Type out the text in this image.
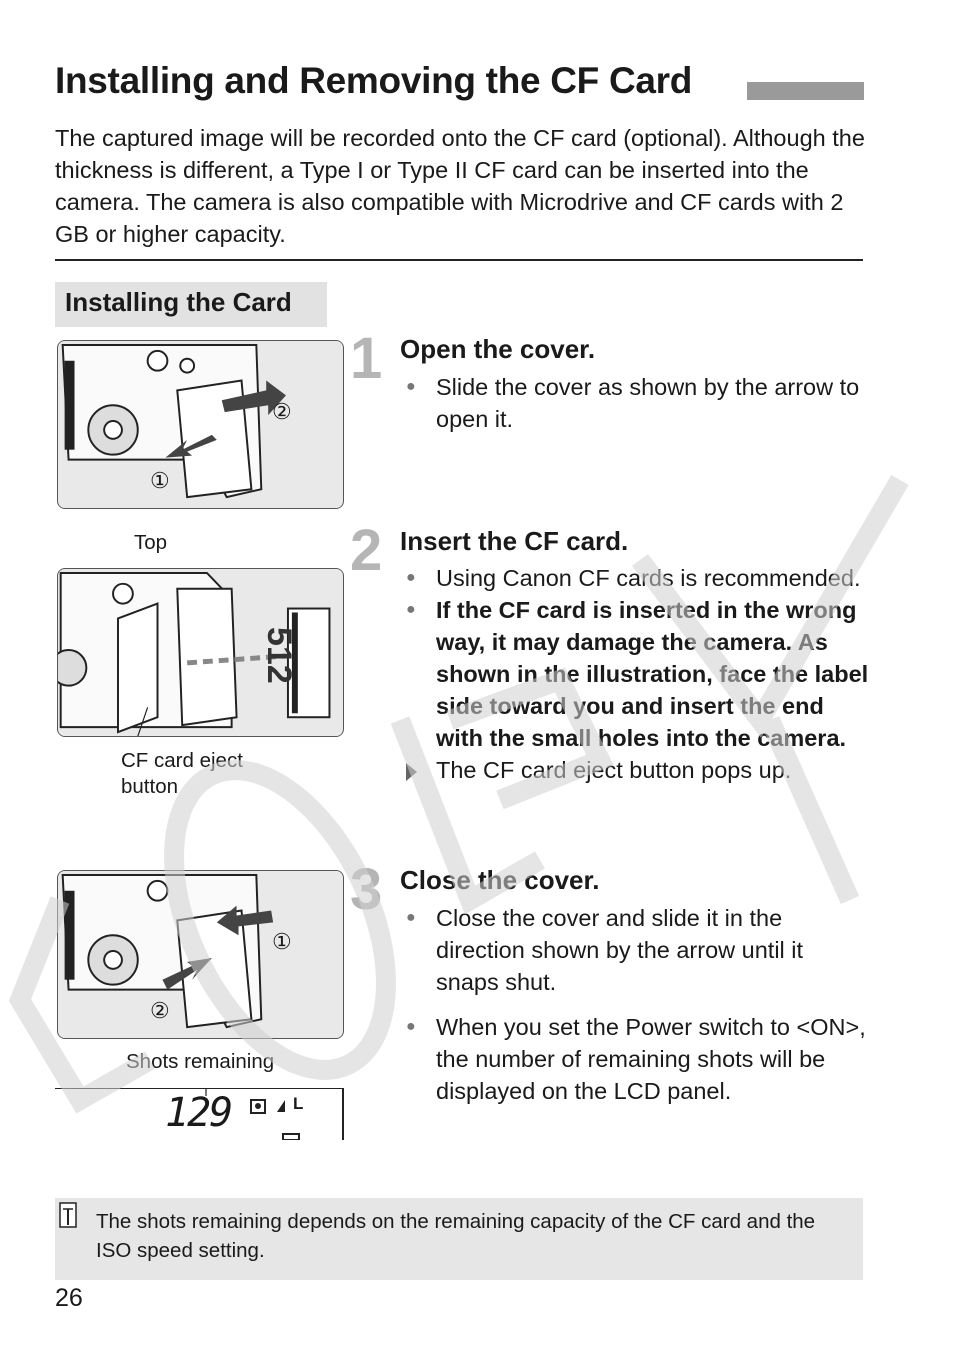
Installing and Removing the CF Card

The captured image will be recorded onto the CF card (optional). Although the thickness is different, a Type I or Type II CF card can be inserted into the camera. The camera is also compatible with Microdrive and CF cards with 2 GB or higher capacity.

Installing the Card
②
①
Top
512
CF card eject button
①
②
Shots remaining
129	L
1 Open the cover.
● Slide the cover as shown by the arrow to open it.
2 Insert the CF card.
● Using Canon CF cards is recommended.
● If the CF card is inserted in the wrong way, it may damage the camera. As shown in the illustration, face the label side toward you and insert the end with the small holes into the camera.
The CF card eject button pops up.
3 Close the cover.
● Close the cover and slide it in the direction shown by the arrow until it snaps shut.
● When you set the Power switch to <ON>, the number of remaining shots will be displayed on the LCD panel.
The shots remaining depends on the remaining capacity of the CF card and the ISO speed setting.
26
